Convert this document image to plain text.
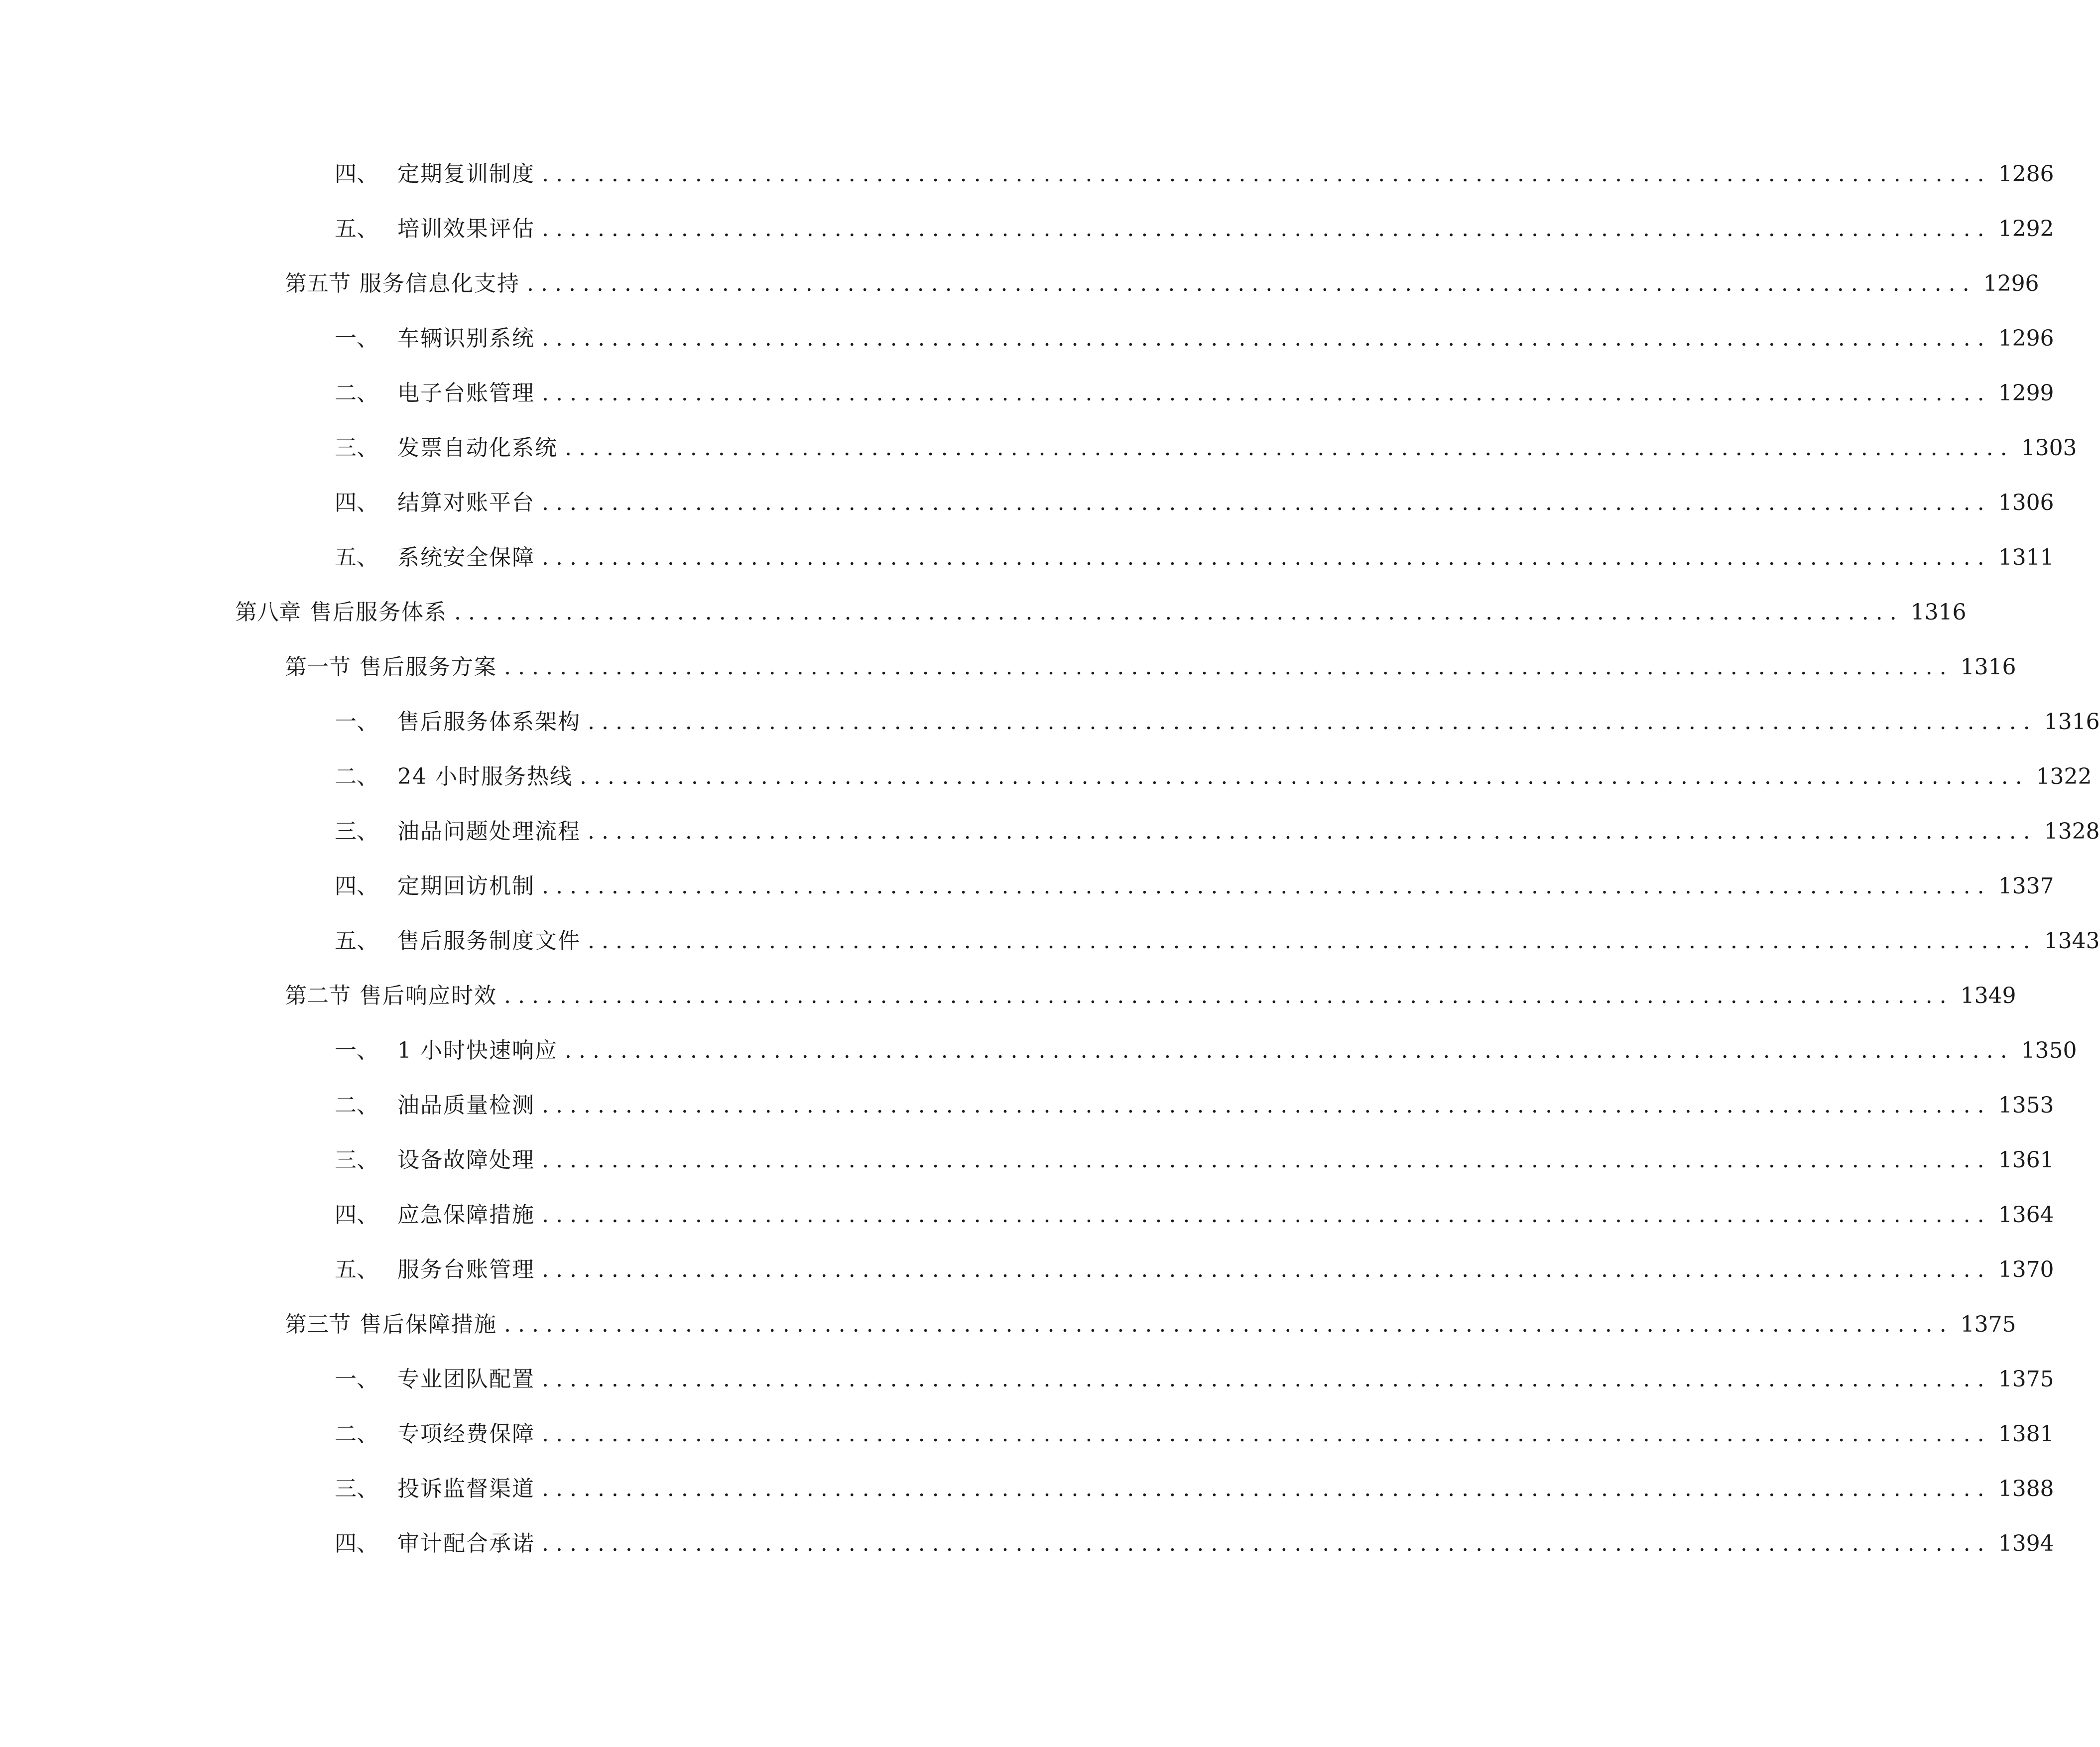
四、 定期复训制度 ........................................................................................................ 1286
五、 培训效果评估 ........................................................................................................ 1292
第五节 服务信息化支持 ........................................................................................................ 1296
一、 车辆识别系统 ........................................................................................................ 1296
二、 电子台账管理 ........................................................................................................ 1299
三、 发票自动化系统 ........................................................................................................ 1303
四、 结算对账平台 ........................................................................................................ 1306
五、 系统安全保障 ........................................................................................................ 1311
第八章 售后服务体系 ........................................................................................................ 1316
第一节 售后服务方案 ........................................................................................................ 1316
一、 售后服务体系架构 ........................................................................................................ 1316
二、 24 小时服务热线 ........................................................................................................ 1322
三、 油品问题处理流程 ........................................................................................................ 1328
四、 定期回访机制 ........................................................................................................ 1337
五、 售后服务制度文件 ........................................................................................................ 1343
第二节 售后响应时效 ........................................................................................................ 1349
一、 1 小时快速响应 ........................................................................................................ 1350
二、 油品质量检测 ........................................................................................................ 1353
三、 设备故障处理 ........................................................................................................ 1361
四、 应急保障措施 ........................................................................................................ 1364
五、 服务台账管理 ........................................................................................................ 1370
第三节 售后保障措施 ........................................................................................................ 1375
一、 专业团队配置 ........................................................................................................ 1375
二、 专项经费保障 ........................................................................................................ 1381
三、 投诉监督渠道 ........................................................................................................ 1388
四、 审计配合承诺 ........................................................................................................ 1394
